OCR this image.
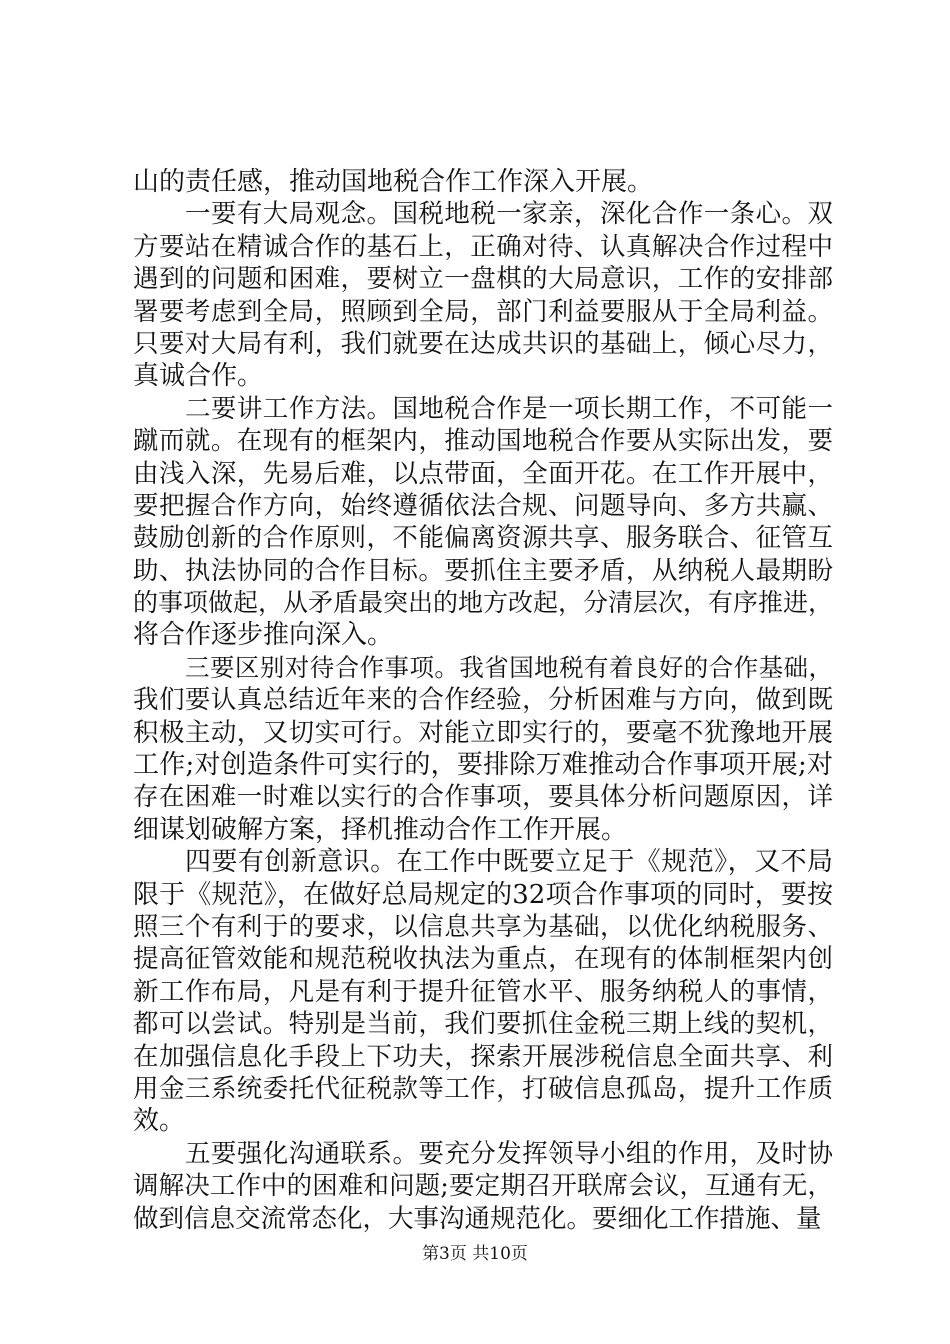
山的责任感，推动国地税合作工作深入开展。
一要有大局观念。国税地税一家亲，深化合作一条心。双
方要站在精诚合作的基石上，正确对待、认真解决合作过程中
遇到的问题和困难，要树立一盘棋的大局意识，工作的安排部
署要考虑到全局，照顾到全局，部门利益要服从于全局利益。
只要对大局有利，我们就要在达成共识的基础上，倾心尽力，
真诚合作。
二要讲工作方法。国地税合作是一项长期工作，不可能一
蹴而就。在现有的框架内，推动国地税合作要从实际出发，要
由浅入深，先易后难，以点带面，全面开花。在工作开展中，
要把握合作方向，始终遵循依法合规、问题导向、多方共赢、
鼓励创新的合作原则，不能偏离资源共享、服务联合、征管互
助、执法协同的合作目标。要抓住主要矛盾，从纳税人最期盼
的事项做起，从矛盾最突出的地方改起，分清层次，有序推进，
将合作逐步推向深入。
三要区别对待合作事项。我省国地税有着良好的合作基础，
我们要认真总结近年来的合作经验，分析困难与方向，做到既
积极主动，又切实可行。对能立即实行的，要毫不犹豫地开展
工作;对创造条件可实行的，要排除万难推动合作事项开展;对
存在困难一时难以实行的合作事项，要具体分析问题原因，详
细谋划破解方案，择机推动合作工作开展。
四要有创新意识。在工作中既要立足于《规范》，又不局
限于《规范》，在做好总局规定的32项合作事项的同时，要按
照三个有利于的要求，以信息共享为基础，以优化纳税服务、
提高征管效能和规范税收执法为重点，在现有的体制框架内创
新工作布局，凡是有利于提升征管水平、服务纳税人的事情，
都可以尝试。特别是当前，我们要抓住金税三期上线的契机，
在加强信息化手段上下功夫，探索开展涉税信息全面共享、利
用金三系统委托代征税款等工作，打破信息孤岛，提升工作质
效。
五要强化沟通联系。要充分发挥领导小组的作用，及时协
调解决工作中的困难和问题;要定期召开联席会议，互通有无，
做到信息交流常态化，大事沟通规范化。要细化工作措施、量
第3页 共10页
